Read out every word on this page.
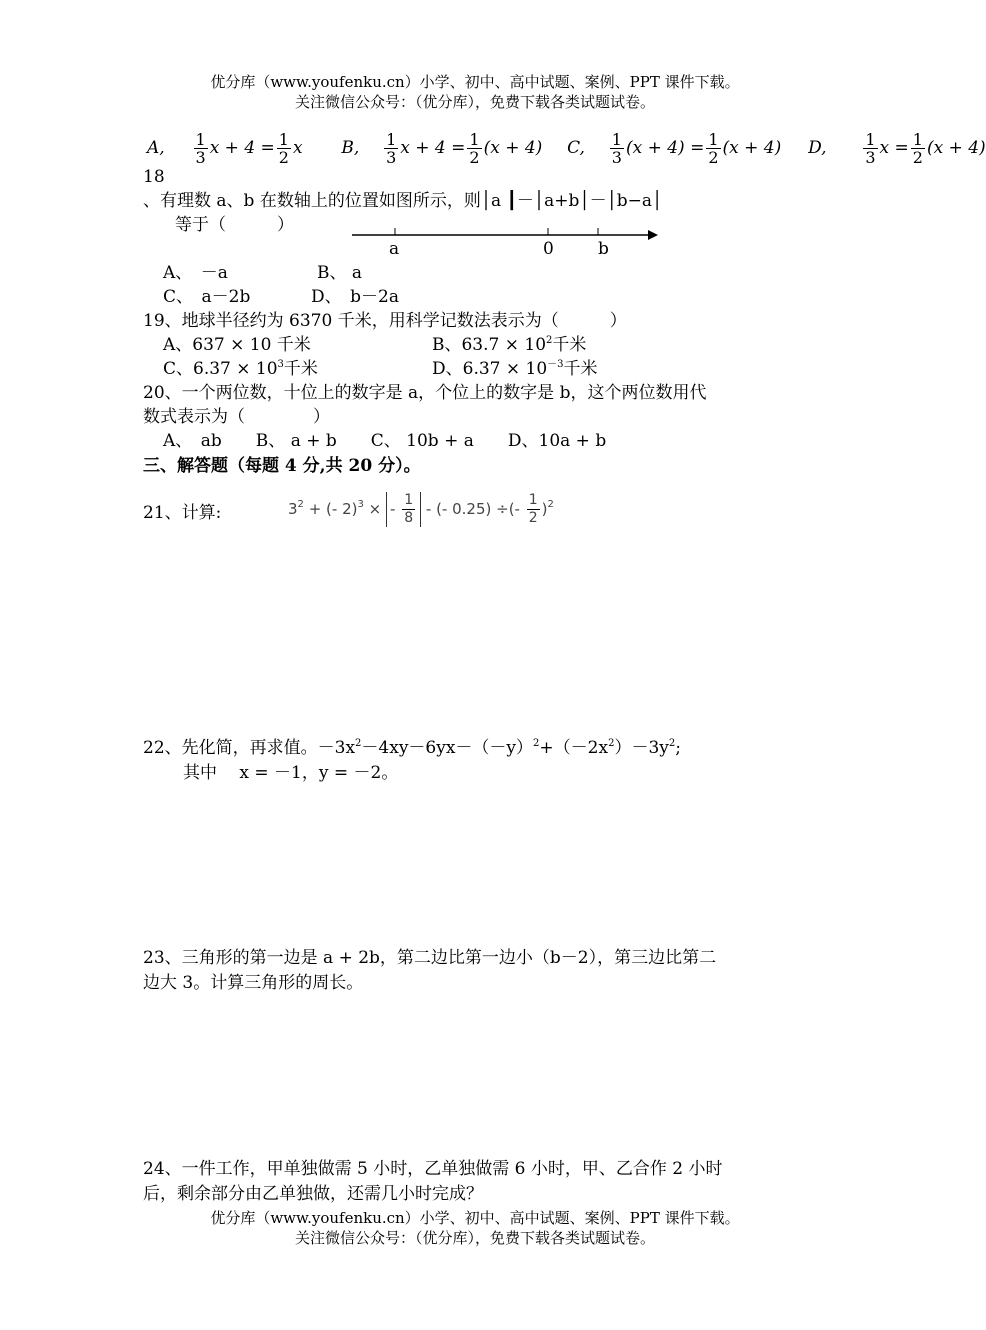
优分库（www.youfenku.cn）小学、初中、高中试题、案例、PPT 课件下载。
关注微信公众号：（优分库），免费下载各类试题试卷。
A, $\frac{1}{3}$ $x + 4 = \frac{1}{2}$ x B, $\frac{1}{3}$ $x + 4 = \frac{1}{2} (x + 4)$ C, $\frac{1}{3} (x + 4) = \frac{1}{2} (x + 4)$ D, $\frac{1}{3}$ $x = \frac{1}{2} (x + 4)$
18
、有理数 a、b 在数轴上的位置如图所示，则│a ┃－│a+b│－│b−a│
等于（　　　）
a	0	b
A、　－a	B、 a
C、　a－2b	D、　b－2a
19、地球半径约为 6370 千米，用科学记数法表示为（　　　）
A、637 × 10 千米	B、$63.7 \times 10^2$千米
C、$6.37 \times 10^3$千米	D、$6.37 \times 10^{-3}$千米
20、一个两位数，十位上的数字是 a，个位上的数字是 b，这个两位数用代
数式表示为（　　　　）
A、　ab　　B、 a + b　　C、 10b + a　　D、10a + b
三、解答题（每题 4 分,共 20 分）。
21、计算:	$3^2$ + (- 2)$^3$ × - $\frac{1}{8}$ - (- 0.25) ÷(- $\frac{1}{2} )^2$
22、先化简，再求值。$-3x^2-4xy-6yx-(-y)^2+(-2x^2)-3y^2$;
其中　 x = －1，y = －2。
23、三角形的第一边是 a + 2b，第二边比第一边小（b－2），第三边比第二
边大 3。计算三角形的周长。
24、一件工作，甲单独做需 5 小时，乙单独做需 6 小时，甲、乙合作 2 小时
后，剩余部分由乙单独做，还需几小时完成？
优分库（www.youfenku.cn）小学、初中、高中试题、案例、PPT 课件下载。
关注微信公众号：（优分库），免费下载各类试题试卷。
